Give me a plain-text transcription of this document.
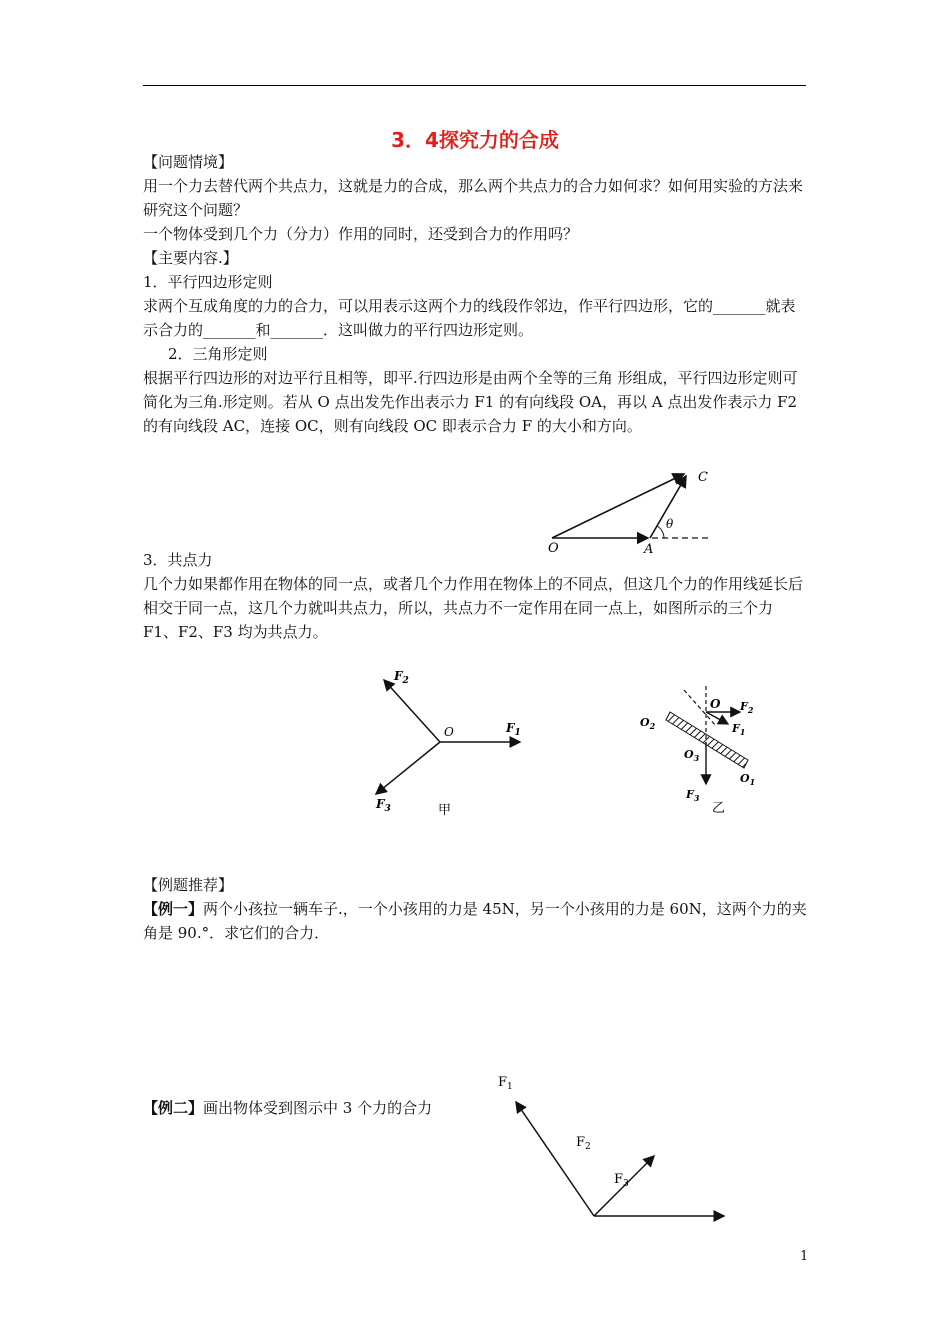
3．4探究力的合成
【问题情境】
用一个力去替代两个共点力，这就是力的合成，那么两个共点力的合力如何求？如何用实验的方法来研究这个问题？
一个物体受到几个力（分力）作用的同时，还受到合力的作用吗？
【主要内容.】
1．平行四边形定则
求两个互成角度的力的合力，可以用表示这两个力的线段作邻边，作平行四边形，它的_______就表示合力的_______和_______．这叫做力的平行四边形定则。
2．三角形定则
根据平行四边形的对边平行且相等，即平.行四边形是由两个全等的三角 形组成，平行四边形定则可简化为三角.形定则。若从 O 点出发先作出表示力 F1 的有向线段 OA，再以 A 点出发作表示力 F2 的有向线段 AC，连接 OC，则有向线段 OC 即表示合力 F 的大小和方向。
O	A
C
θ
3．共点力
几个力如果都作用在物体的同一点，或者几个力作用在物体上的不同点，但这几个力的作用线延长后相交于同一点，这几个力就叫共点力，所以，共点力不一定作用在同一点上，如图所示的三个力 F1、F2、F3 均为共点力。
O	$F_1$
$F_2$
$F_3$	甲
O $F_2$
$F_1$
$O_2$
$O_3$
$O_1$
$F_3$
乙
【例题推荐】
【例一】两个小孩拉一辆车子.，一个小孩用的力是 45N，另一个小孩用的力是 60N，这两个力的夹角是 90.°．求它们的合力．
【例二】画出物体受到图示中 3 个力的合力
$F_1$
$F_2$
$F_3$
1
